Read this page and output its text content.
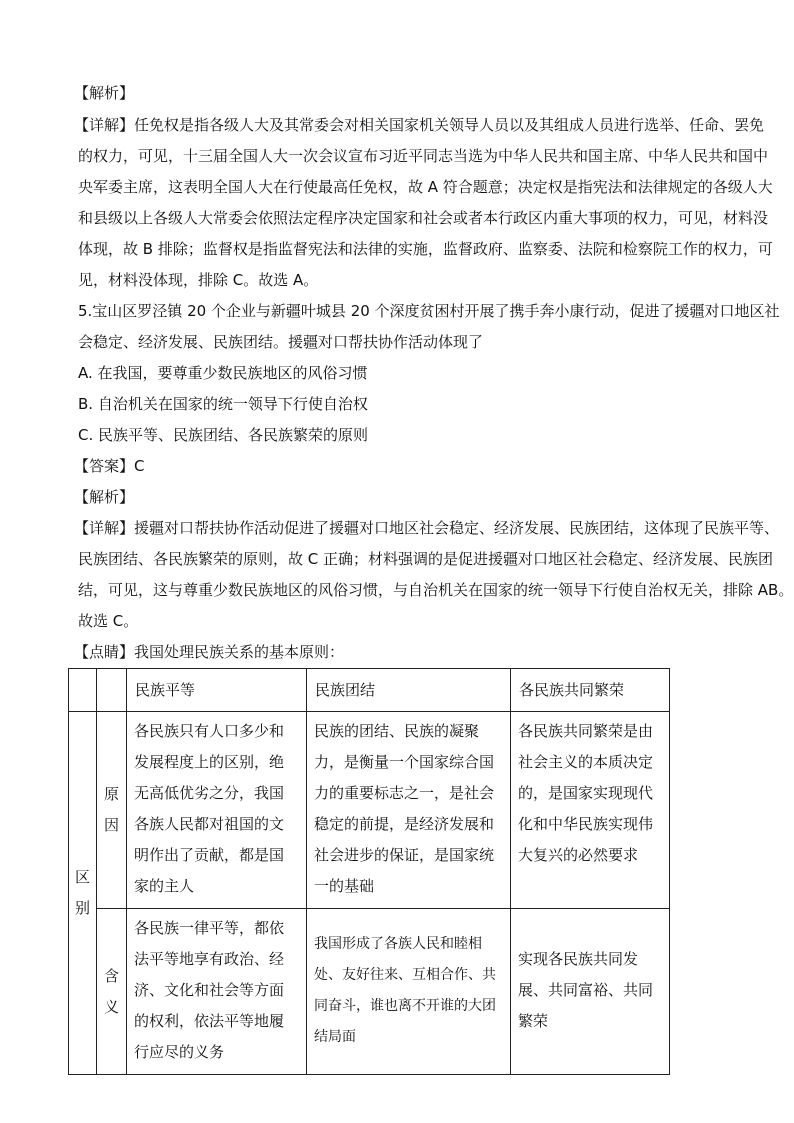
【解析】
【详解】任免权是指各级人大及其常委会对相关国家机关领导人员以及其组成人员进行选举、任命、罢免
的权力，可见，十三届全国人大一次会议宣布习近平同志当选为中华人民共和国主席、中华人民共和国中
央军委主席，这表明全国人大在行使最高任免权，故 A 符合题意；决定权是指宪法和法律规定的各级人大
和县级以上各级人大常委会依照法定程序决定国家和社会或者本行政区内重大事项的权力，可见，材料没
体现，故 B 排除；监督权是指监督宪法和法律的实施，监督政府、监察委、法院和检察院工作的权力，可
见，材料没体现，排除 C。故选 A。
5.宝山区罗泾镇 20 个企业与新疆叶城县 20 个深度贫困村开展了携手奔小康行动，促进了援疆对口地区社
会稳定、经济发展、民族团结。援疆对口帮扶协作活动体现了
A. 在我国，要尊重少数民族地区的风俗习惯
B. 自治机关在国家的统一领导下行使自治权
C. 民族平等、民族团结、各民族繁荣的原则
【答案】C
【解析】
【详解】援疆对口帮扶协作活动促进了援疆对口地区社会稳定、经济发展、民族团结，这体现了民族平等、
民族团结、各民族繁荣的原则，故 C 正确；材料强调的是促进援疆对口地区社会稳定、经济发展、民族团
结，可见，这与尊重少数民族地区的风俗习惯，与自治机关在国家的统一领导下行使自治权无关，排除 AB。
故选 C。
【点睛】我国处理民族关系的基本原则：
		民族平等	民族团结	各民族共同繁荣

区别	原因	各民族只有人口多少和发展程度上的区别，绝无高低优劣之分，我国各族人民都对祖国的文明作出了贡献，都是国家的主人	民族的团结、民族的凝聚力，是衡量一个国家综合国力的重要标志之一，是社会稳定的前提，是经济发展和社会进步的保证，是国家统一的基础	各民族共同繁荣是由社会主义的本质决定的，是国家实现现代化和中华民族实现伟 大复兴的必然要求

	含义	各民族一律平等，都依法平等地享有政治、经济、文化和社会等方面的权利，依法平等地履行应尽的义务	我国形成了各族人民和睦相处、友好往来、互相合作、共同奋斗，谁也离不开谁的大团结局面	实现各民族共同发展、共同富裕、共同繁荣
